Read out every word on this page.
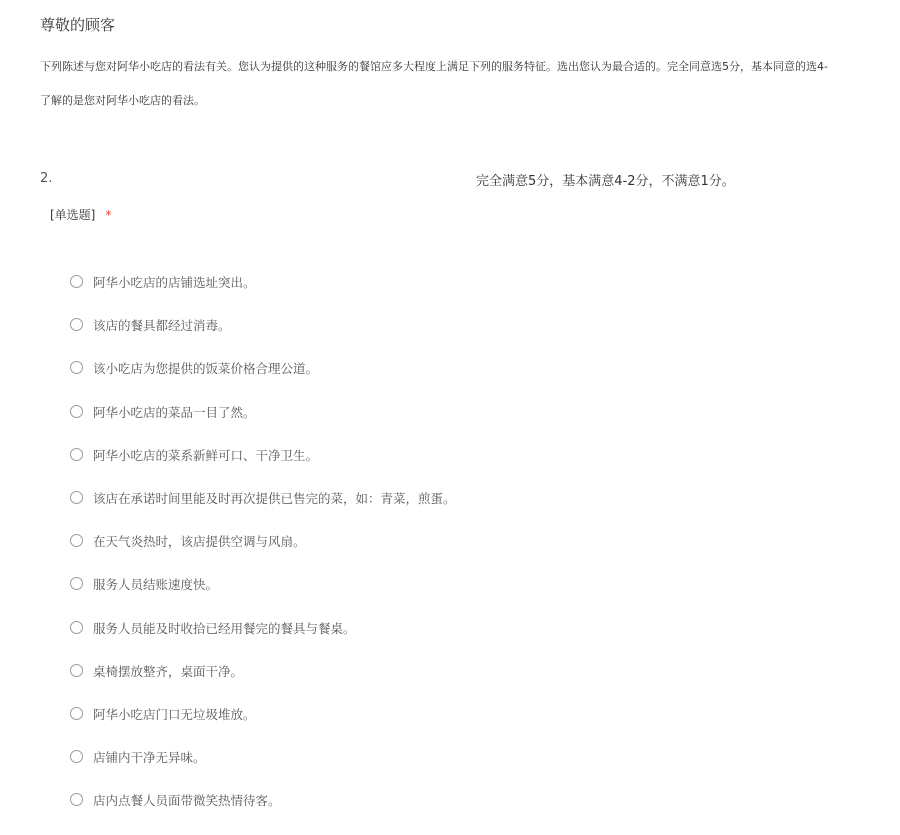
尊敬的顾客
下列陈述与您对阿华小吃店的看法有关。您认为提供的这种服务的餐馆应多大程度上满足下列的服务特征。选出您认为最合适的。完全同意选5分，基本同意的选4-
了解的是您对阿华小吃店的看法。
2.	完全满意5分，基本满意4-2分，不满意1分。
[单选题] *
阿华小吃店的店铺选址突出。
该店的餐具都经过消毒。
该小吃店为您提供的饭菜价格合理公道。
阿华小吃店的菜品一目了然。
阿华小吃店的菜系新鲜可口、干净卫生。
该店在承诺时间里能及时再次提供已售完的菜，如：青菜，煎蛋。
在天气炎热时，该店提供空调与风扇。
服务人员结账速度快。
服务人员能及时收拾已经用餐完的餐具与餐桌。
桌椅摆放整齐，桌面干净。
阿华小吃店门口无垃圾堆放。
店铺内干净无异味。
店内点餐人员面带微笑热情待客。
